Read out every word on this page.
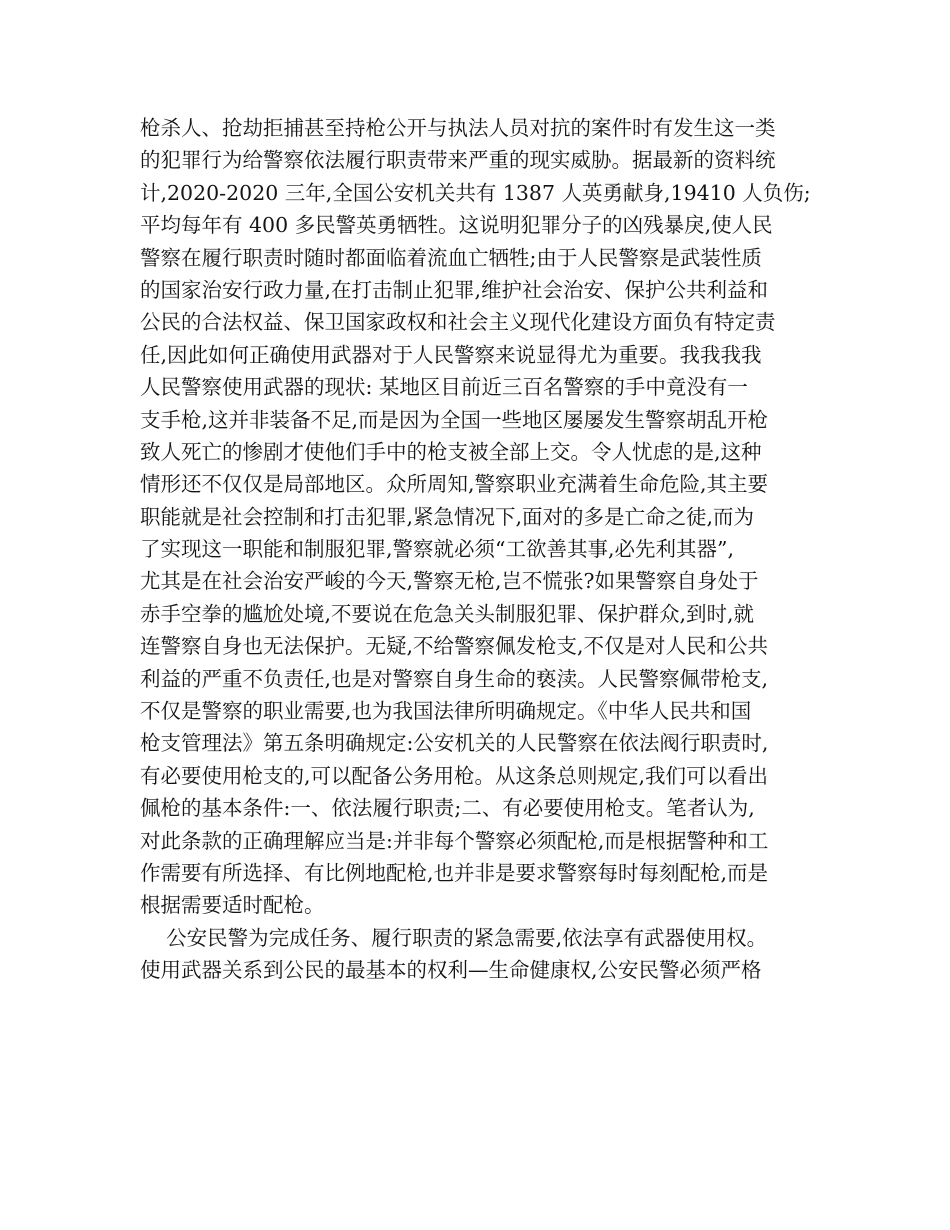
枪杀人、抢劫拒捕甚至持枪公开与执法人员对抗的案件时有发生这一类
的犯罪行为给警察依法履行职责带来严重的现实威胁。据最新的资料统
计,2020-2020 三年,全国公安机关共有 1387 人英勇献身,19410 人负伤;
平均每年有 400 多民警英勇牺牲。这说明犯罪分子的凶残暴戾,使人民
警察在履行职责时随时都面临着流血亡牺牲;由于人民警察是武装性质
的国家治安行政力量,在打击制止犯罪,维护社会治安、保护公共利益和
公民的合法权益、保卫国家政权和社会主义现代化建设方面负有特定责
任,因此如何正确使用武器对于人民警察来说显得尤为重要。我我我我
人民警察使用武器的现状: 某地区目前近三百名警察的手中竟没有一
支手枪,这并非装备不足,而是因为全国一些地区屡屡发生警察胡乱开枪
致人死亡的惨剧才使他们手中的枪支被全部上交。令人忧虑的是,这种
情形还不仅仅是局部地区。众所周知,警察职业充满着生命危险,其主要
职能就是社会控制和打击犯罪,紧急情况下,面对的多是亡命之徒,而为
了实现这一职能和制服犯罪,警察就必须“工欲善其事,必先利其器”,
尤其是在社会治安严峻的今天,警察无枪,岂不慌张?如果警察自身处于
赤手空拳的尴尬处境,不要说在危急关头制服犯罪、保护群众,到时,就
连警察自身也无法保护。无疑,不给警察佩发枪支,不仅是对人民和公共
利益的严重不负责任,也是对警察自身生命的亵渎。人民警察佩带枪支,
不仅是警察的职业需要,也为我国法律所明确规定。《中华人民共和国
枪支管理法》第五条明确规定:公安机关的人民警察在依法阀行职责时,
有必要使用枪支的,可以配备公务用枪。从这条总则规定,我们可以看出
佩枪的基本条件:一、依法履行职责;二、有必要使用枪支。笔者认为,
对此条款的正确理解应当是:并非每个警察必须配枪,而是根据警种和工
作需要有所选择、有比例地配枪,也并非是要求警察每时每刻配枪,而是
根据需要适时配枪。
公安民警为完成任务、履行职责的紧急需要,依法享有武器使用权。
使用武器关系到公民的最基本的权利—生命健康权,公安民警必须严格
